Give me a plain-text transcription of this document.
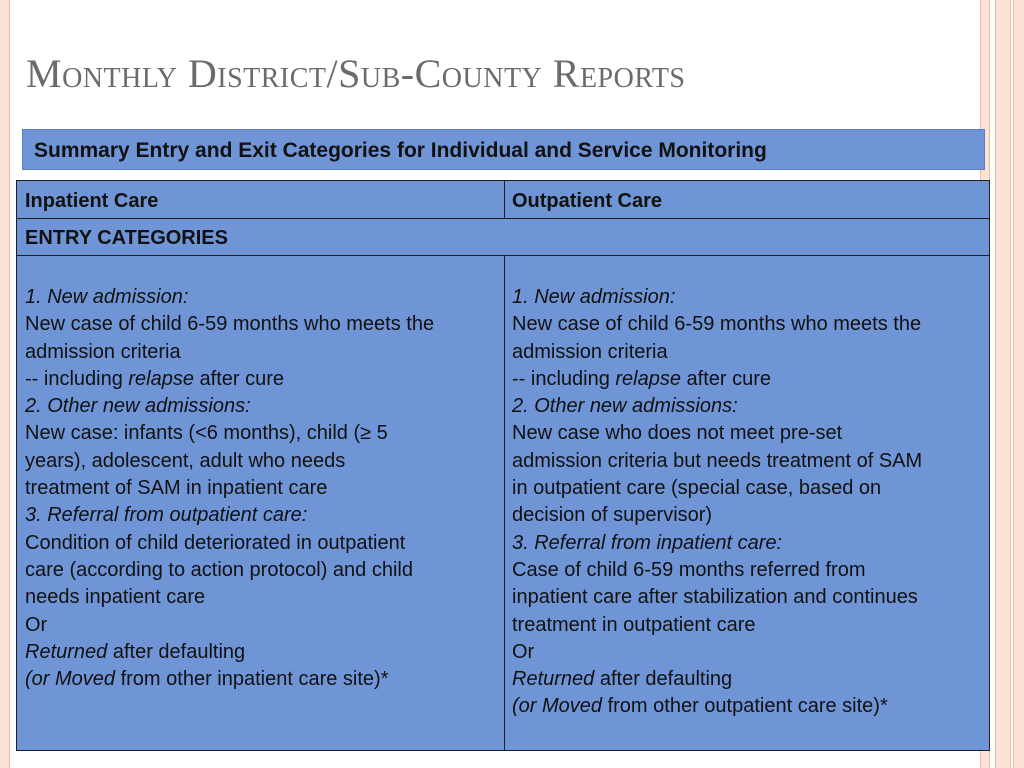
Monthly District/Sub-County Reports
Summary Entry and Exit Categories for Individual and Service Monitoring
Inpatient Care	Outpatient Care
ENTRY CATEGORIES

1. New admission:

New case of child 6-59 months who meets the

admission criteria

-- including relapse after cure

2. Other new admissions:

New case: infants (<6 months), child (≥ 5

years), adolescent, adult who needs

treatment of SAM in inpatient care

3. Referral from outpatient care:

Condition of child deteriorated in outpatient

care (according to action protocol) and child

needs inpatient care

Or

Returned after defaulting

(or Moved from other inpatient care site)*

1. New admission:

New case of child 6-59 months who meets the

admission criteria

-- including relapse after cure

2. Other new admissions:

New case who does not meet pre-set

admission criteria but needs treatment of SAM

in outpatient care (special case, based on

decision of supervisor)

3. Referral from inpatient care:

Case of child 6-59 months referred from

inpatient care after stabilization and continues

treatment in outpatient care

Or

Returned after defaulting

(or Moved from other outpatient care site)*
